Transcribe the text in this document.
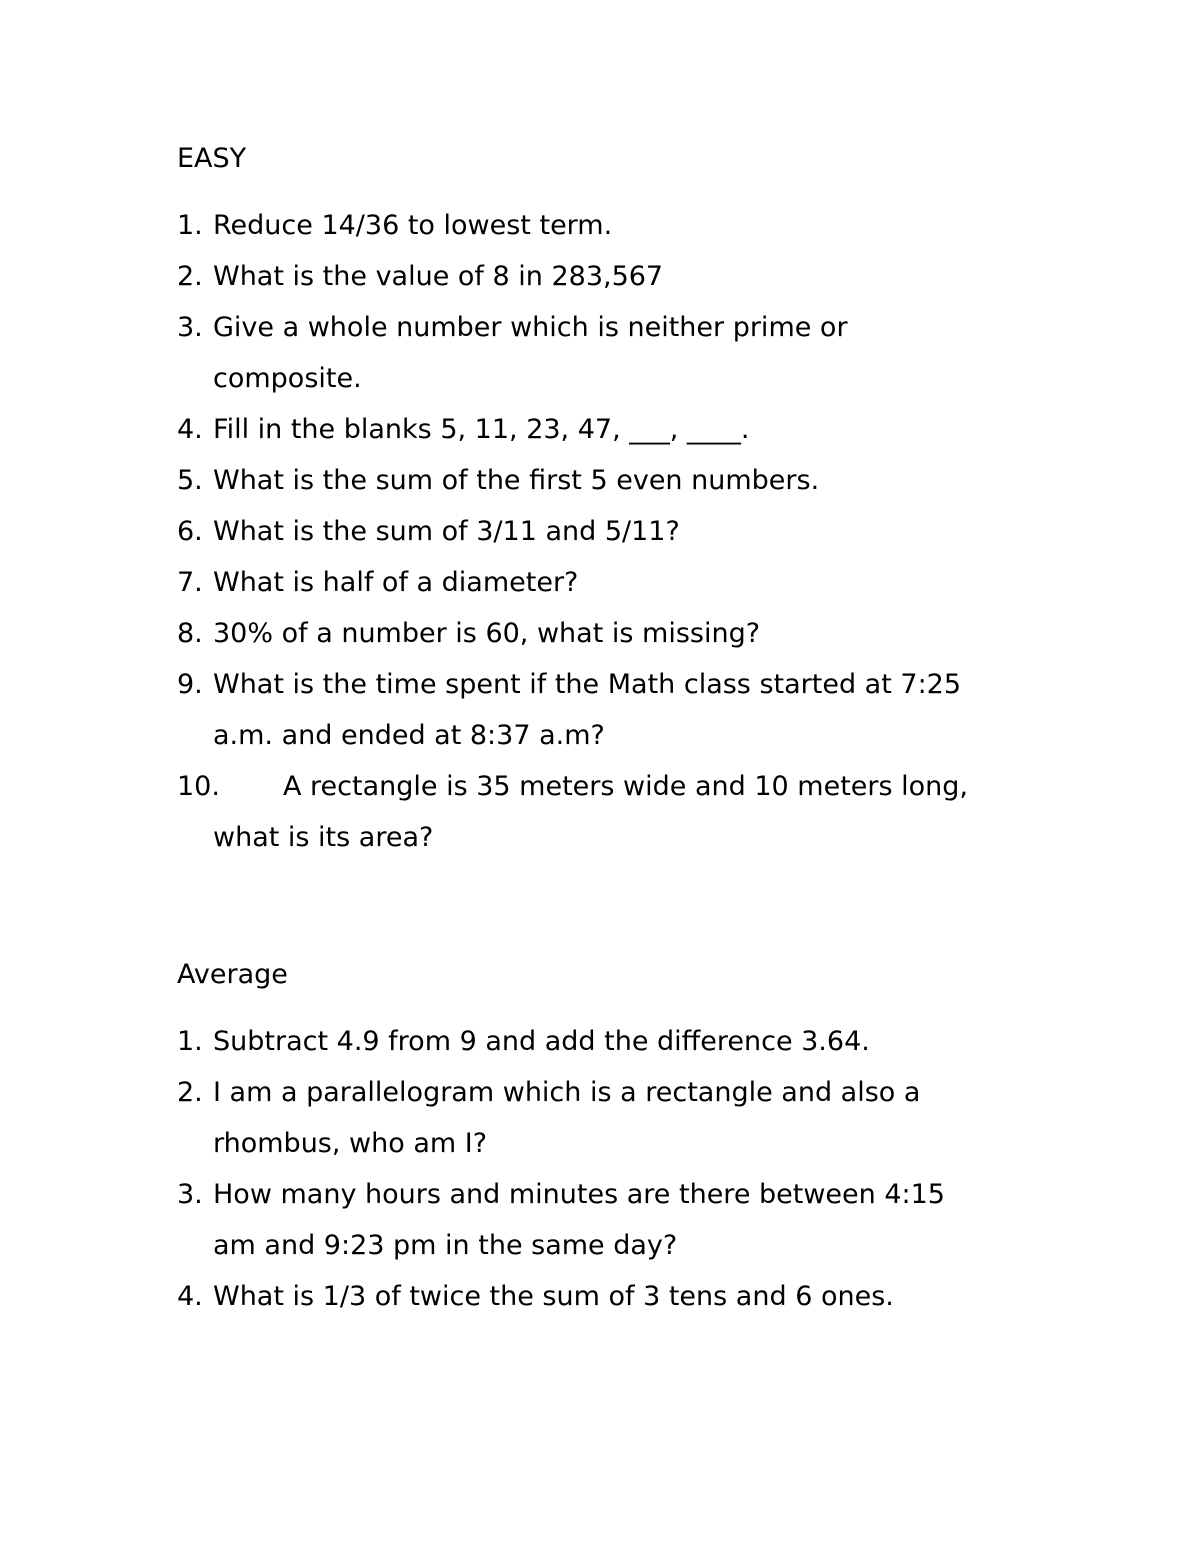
EASY
1. Reduce 14/36 to lowest term.
2. What is the value of 8 in 283,567
3. Give a whole number which is neither prime or
composite.
4. Fill in the blanks 5, 11, 23, 47, ___, ____.
5. What is the sum of the first 5 even numbers.
6. What is the sum of 3/11 and 5/11?
7. What is half of a diameter?
8. 30% of a number is 60, what is missing?
9. What is the time spent if the Math class started at 7:25
a.m. and ended at 8:37 a.m?
10.	A rectangle is 35 meters wide and 10 meters long,
what is its area?
Average
1. Subtract 4.9 from 9 and add the difference 3.64.
2. I am a parallelogram which is a rectangle and also a
rhombus, who am I?
3. How many hours and minutes are there between 4:15
am and 9:23 pm in the same day?
4. What is 1/3 of twice the sum of 3 tens and 6 ones.
